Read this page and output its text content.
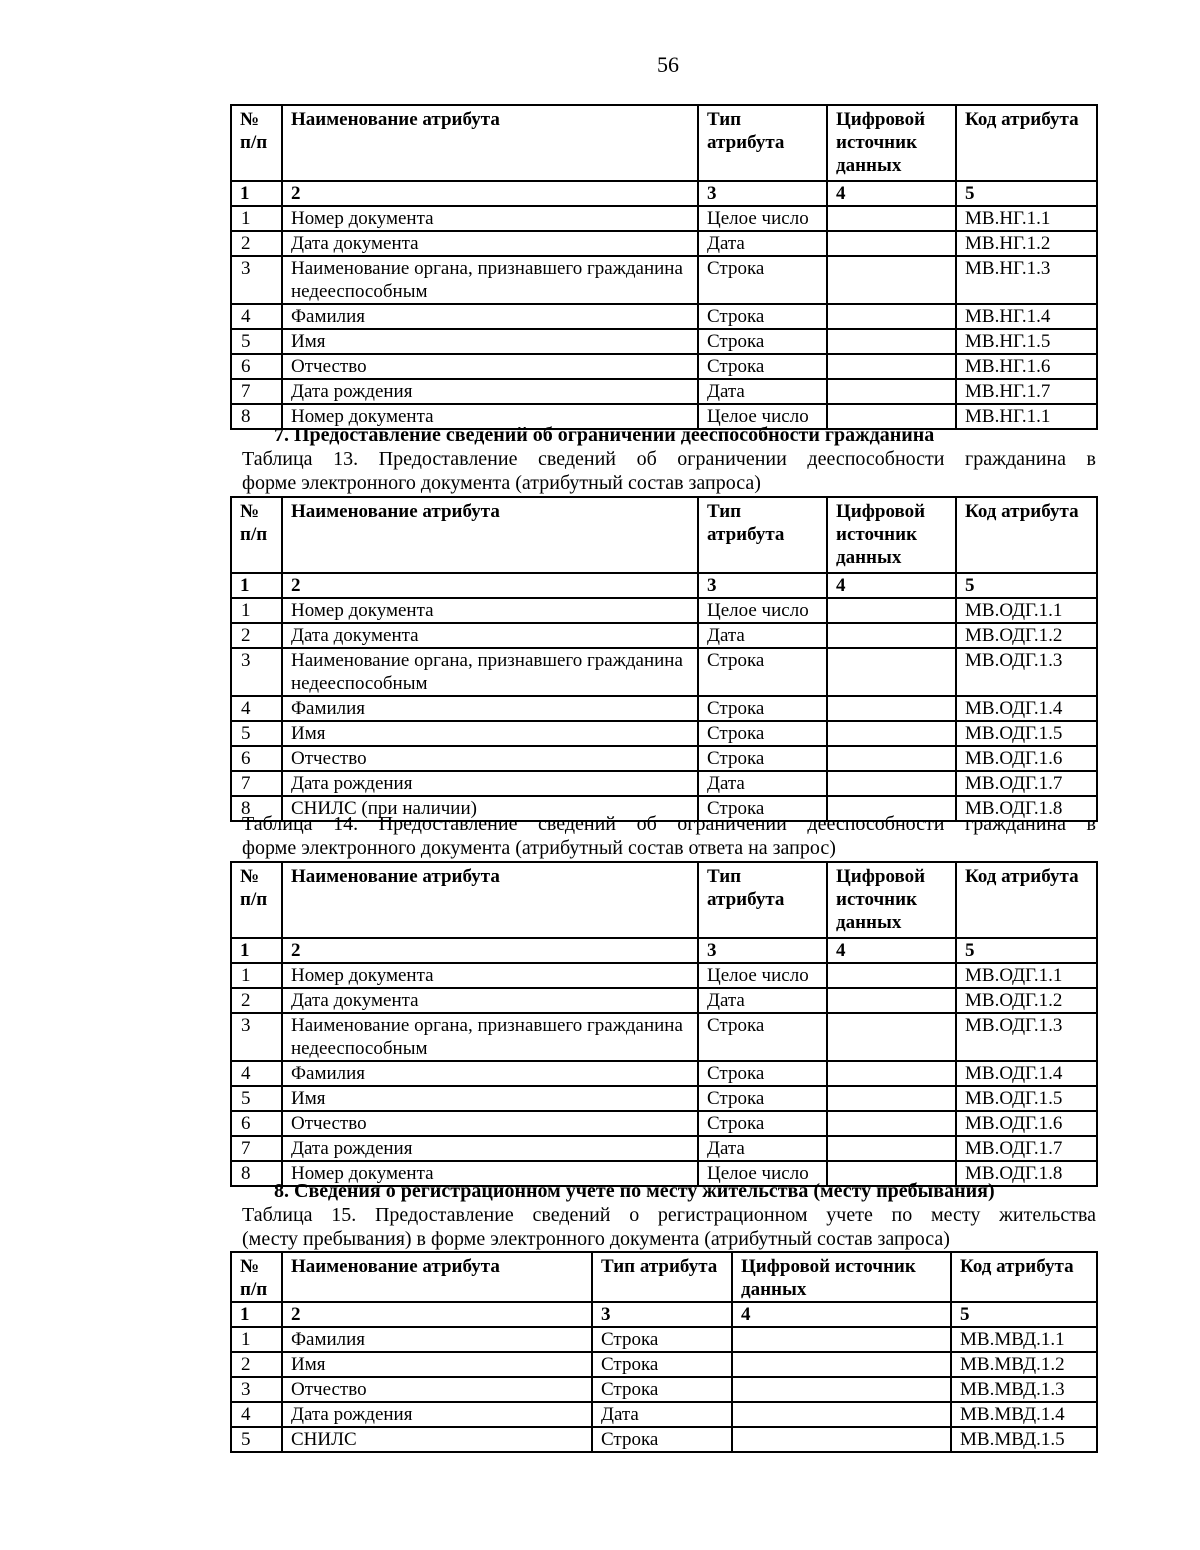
56
№ п/п	Наименование атрибута	Тип атрибута	Цифровой источник данных	Код атрибута
1	2	3	4	5
1	Номер документа	Целое число		МВ.НГ.1.1
2	Дата документа	Дата		МВ.НГ.1.2
3	Наименование органа, признавшего гражданина недееспособным	Строка		МВ.НГ.1.3
4	Фамилия	Строка		МВ.НГ.1.4
5	Имя	Строка		МВ.НГ.1.5
6	Отчество	Строка		МВ.НГ.1.6
7	Дата рождения	Дата		МВ.НГ.1.7
8	Номер документа	Целое число		МВ.НГ.1.1
7. Предоставление сведений об ограничении дееспособности гражданина
Таблица 13. Предоставление сведений об ограничении дееспособности гражданина в
форме электронного документа (атрибутный состав запроса)
№ п/п	Наименование атрибута	Тип атрибута	Цифровой источник данных	Код атрибута
1	2	3	4	5
1	Номер документа	Целое число		МВ.ОДГ.1.1
2	Дата документа	Дата		МВ.ОДГ.1.2
3	Наименование органа, признавшего гражданина недееспособным	Строка		МВ.ОДГ.1.3
4	Фамилия	Строка		МВ.ОДГ.1.4
5	Имя	Строка		МВ.ОДГ.1.5
6	Отчество	Строка		МВ.ОДГ.1.6
7	Дата рождения	Дата		МВ.ОДГ.1.7
8	СНИЛС (при наличии)	Строка		МВ.ОДГ.1.8
Таблица 14. Предоставление сведений об ограничении дееспособности гражданина в
форме электронного документа (атрибутный состав ответа на запрос)
№ п/п	Наименование атрибута	Тип атрибута	Цифровой источник данных	Код атрибута
1	2	3	4	5
1	Номер документа	Целое число		МВ.ОДГ.1.1
2	Дата документа	Дата		МВ.ОДГ.1.2
3	Наименование органа, признавшего гражданина недееспособным	Строка		МВ.ОДГ.1.3
4	Фамилия	Строка		МВ.ОДГ.1.4
5	Имя	Строка		МВ.ОДГ.1.5
6	Отчество	Строка		МВ.ОДГ.1.6
7	Дата рождения	Дата		МВ.ОДГ.1.7
8	Номер документа	Целое число		МВ.ОДГ.1.8
8. Сведения о регистрационном учете по месту жительства (месту пребывания)
Таблица 15. Предоставление сведений о регистрационном учете по месту жительства
(месту пребывания) в форме электронного документа (атрибутный состав запроса)
№ п/п	Наименование атрибута	Тип атрибута	Цифровой источник данных	Код атрибута
1	2	3	4	5
1	Фамилия	Строка		МВ.МВД.1.1
2	Имя	Строка		МВ.МВД.1.2
3	Отчество	Строка		МВ.МВД.1.3
4	Дата рождения	Дата		МВ.МВД.1.4
5	СНИЛС	Строка		МВ.МВД.1.5
